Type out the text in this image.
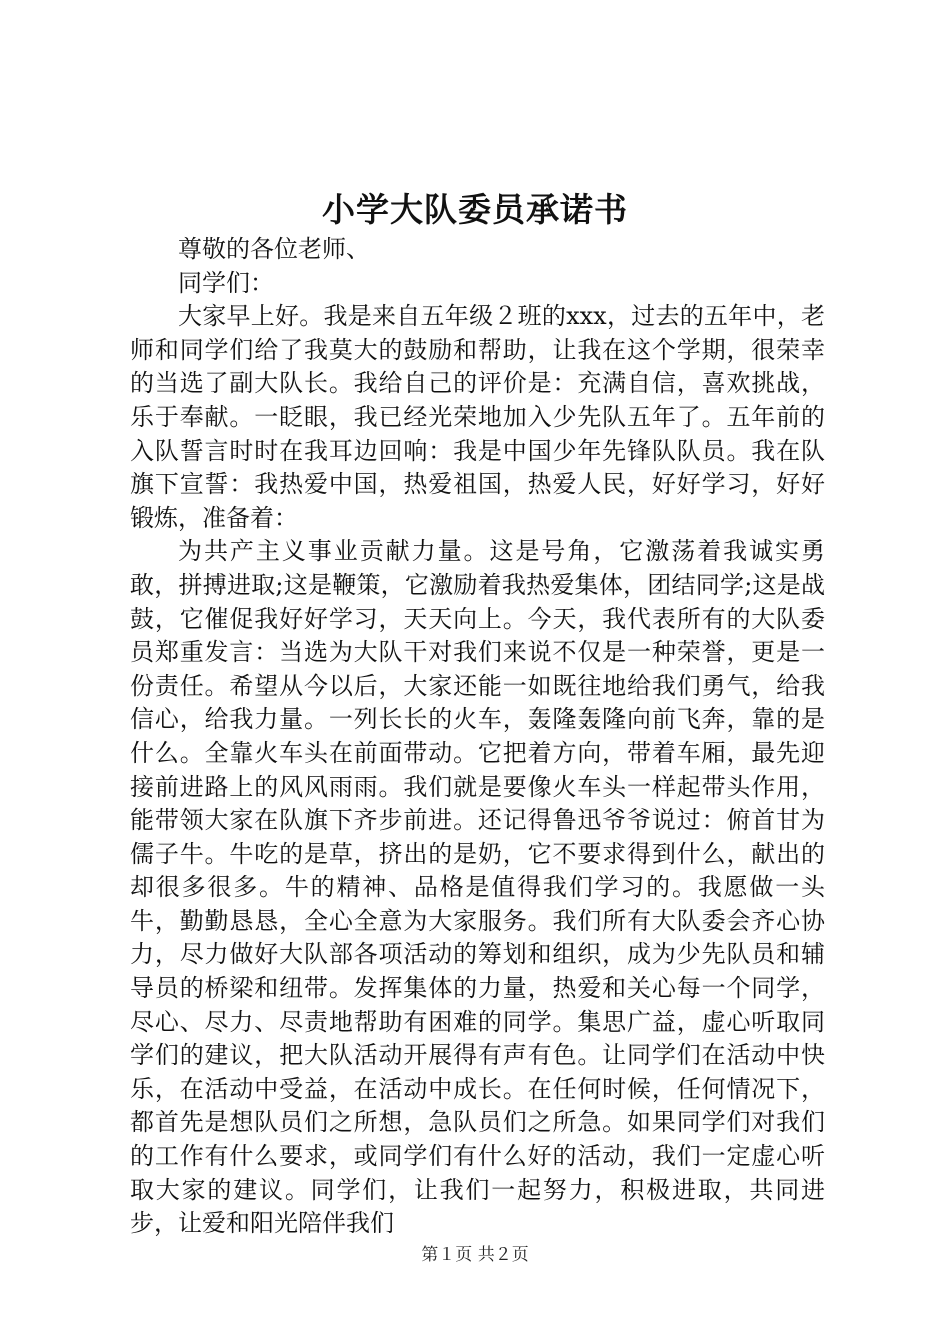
小学大队委员承诺书

尊敬的各位老师、

同学们：

大家早上好。我是来自五年级２班的xxx，过去的五年中，老师和同学们给了我莫大的鼓励和帮助，让我在这个学期，很荣幸的当选了副大队长。我给自己的评价是：充满自信，喜欢挑战，乐于奉献。一眨眼，我已经光荣地加入少先队五年了。五年前的入队誓言时时在我耳边回响：我是中国少年先锋队队员。我在队旗下宣誓：我热爱中国，热爱祖国，热爱人民，好好学习，好好锻炼，准备着：

为共产主义事业贡献力量。这是号角，它激荡着我诚实勇敢，拼搏进取;这是鞭策，它激励着我热爱集体，团结同学;这是战鼓，它催促我好好学习，天天向上。今天，我代表所有的大队委员郑重发言：当选为大队干对我们来说不仅是一种荣誉，更是一份责任。希望从今以后，大家还能一如既往地给我们勇气，给我信心，给我力量。一列长长的火车，轰隆轰隆向前飞奔，靠的是什么。全靠火车头在前面带动。它把着方向，带着车厢，最先迎接前进路上的风风雨雨。我们就是要像火车头一样起带头作用，能带领大家在队旗下齐步前进。还记得鲁迅爷爷说过：俯首甘为儒子牛。牛吃的是草，挤出的是奶，它不要求得到什么，献出的却很多很多。牛的精神、品格是值得我们学习的。我愿做一头牛，勤勤恳恳，全心全意为大家服务。我们所有大队委会齐心协力，尽力做好大队部各项活动的筹划和组织，成为少先队员和辅导员的桥梁和纽带。发挥集体的力量，热爱和关心每一个同学，尽心、尽力、尽责地帮助有困难的同学。集思广益，虚心听取同学们的建议，把大队活动开展得有声有色。让同学们在活动中快乐，在活动中受益，在活动中成长。在任何时候，任何情况下，都首先是想队员们之所想，急队员们之所急。如果同学们对我们的工作有什么要求，或同学们有什么好的活动，我们一定虚心听取大家的建议。同学们，让我们一起努力，积极进取，共同进步，让爱和阳光陪伴我们

第１页 共２页
